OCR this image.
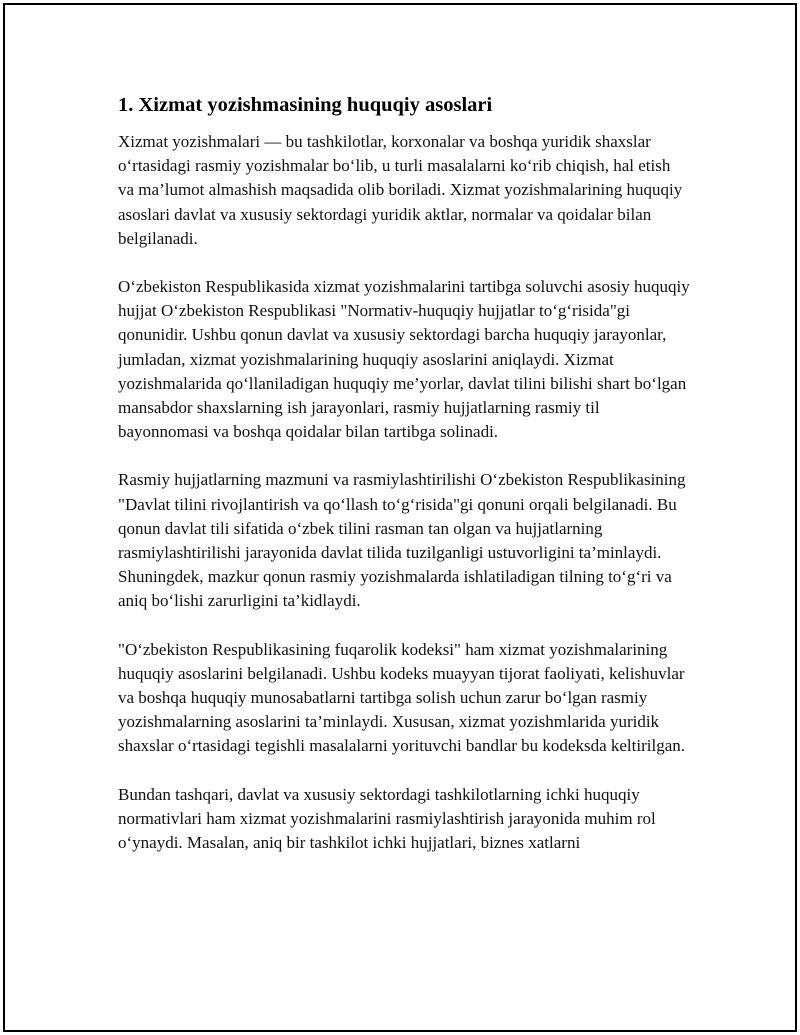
1. Xizmat yozishmasining huquqiy asoslari

Xizmat yozishmalari — bu tashkilotlar, korxonalar va boshqa yuridik shaxslar o‘rtasidagi rasmiy yozishmalar bo‘lib, u turli masalalarni ko‘rib chiqish, hal etish va ma’lumot almashish maqsadida olib boriladi. Xizmat yozishmalarining huquqiy asoslari davlat va xususiy sektordagi yuridik aktlar, normalar va qoidalar bilan belgilanadi.

O‘zbekiston Respublikasida xizmat yozishmalarini tartibga soluvchi asosiy huquqiy hujjat O‘zbekiston Respublikasi "Normativ-huquqiy hujjatlar to‘g‘risida"gi qonunidir. Ushbu qonun davlat va xususiy sektordagi barcha huquqiy jarayonlar, jumladan, xizmat yozishmalarining huquqiy asoslarini aniqlaydi. Xizmat yozishmalarida qo‘llaniladigan huquqiy me’yorlar, davlat tilini bilishi shart bo‘lgan mansabdor shaxslarning ish jarayonlari, rasmiy hujjatlarning rasmiy til bayonnomasi va boshqa qoidalar bilan tartibga solinadi.

Rasmiy hujjatlarning mazmuni va rasmiylashtirilishi O‘zbekiston Respublikasining "Davlat tilini rivojlantirish va qo‘llash to‘g‘risida"gi qonuni orqali belgilanadi. Bu qonun davlat tili sifatida o‘zbek tilini rasman tan olgan va hujjatlarning rasmiylashtirilishi jarayonida davlat tilida tuzilganligi ustuvorligini ta’minlaydi. Shuningdek, mazkur qonun rasmiy yozishmalarda ishlatiladigan tilning to‘g‘ri va aniq bo‘lishi zarurligini ta’kidlaydi.

"O‘zbekiston Respublikasining fuqarolik kodeksi" ham xizmat yozishmalarining huquqiy asoslarini belgilanadi. Ushbu kodeks muayyan tijorat faoliyati, kelishuvlar va boshqa huquqiy munosabatlarni tartibga solish uchun zarur bo‘lgan rasmiy yozishmalarning asoslarini ta’minlaydi. Xususan, xizmat yozishmlarida yuridik shaxslar o‘rtasidagi tegishli masalalarni yorituvchi bandlar bu kodeksda keltirilgan.

Bundan tashqari, davlat va xususiy sektordagi tashkilotlarning ichki huquqiy normativlari ham xizmat yozishmalarini rasmiylashtirish jarayonida muhim rol o‘ynaydi. Masalan, aniq bir tashkilot ichki hujjatlari, biznes xatlarni
